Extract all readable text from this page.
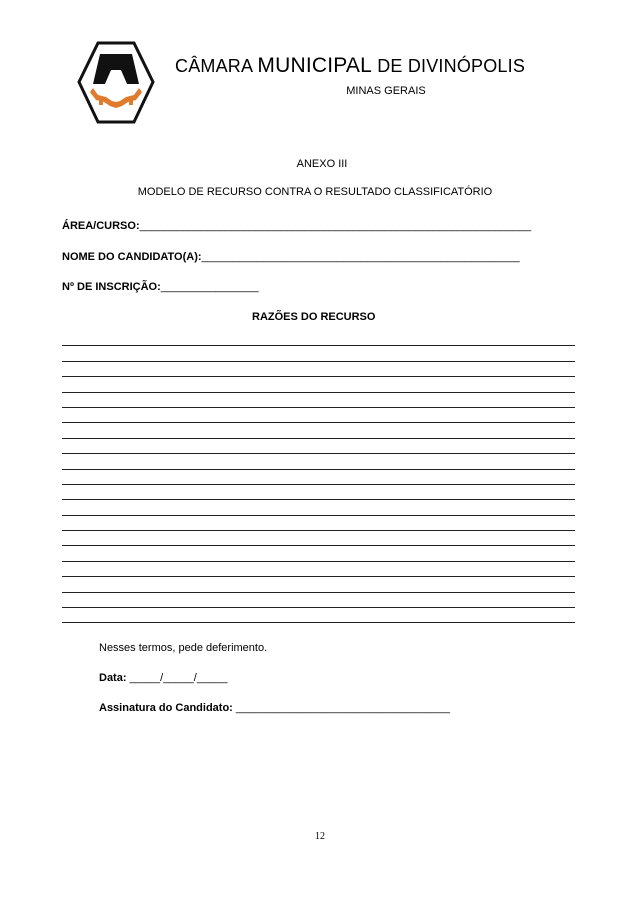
CÂMARA MUNICIPAL DE DIVINÓPOLIS
MINAS GERAIS
ANEXO III
MODELO DE RECURSO CONTRA O RESULTADO CLASSIFICATÓRIO
ÁREA/CURSO:________________________________________________________________
NOME DO CANDIDATO(A):____________________________________________________
Nº DE INSCRIÇÃO:________________
RAZÕES DO RECURSO
Nesses termos, pede deferimento.
Data: _____/_____/_____
Assinatura do Candidato: ___________________________________
12
